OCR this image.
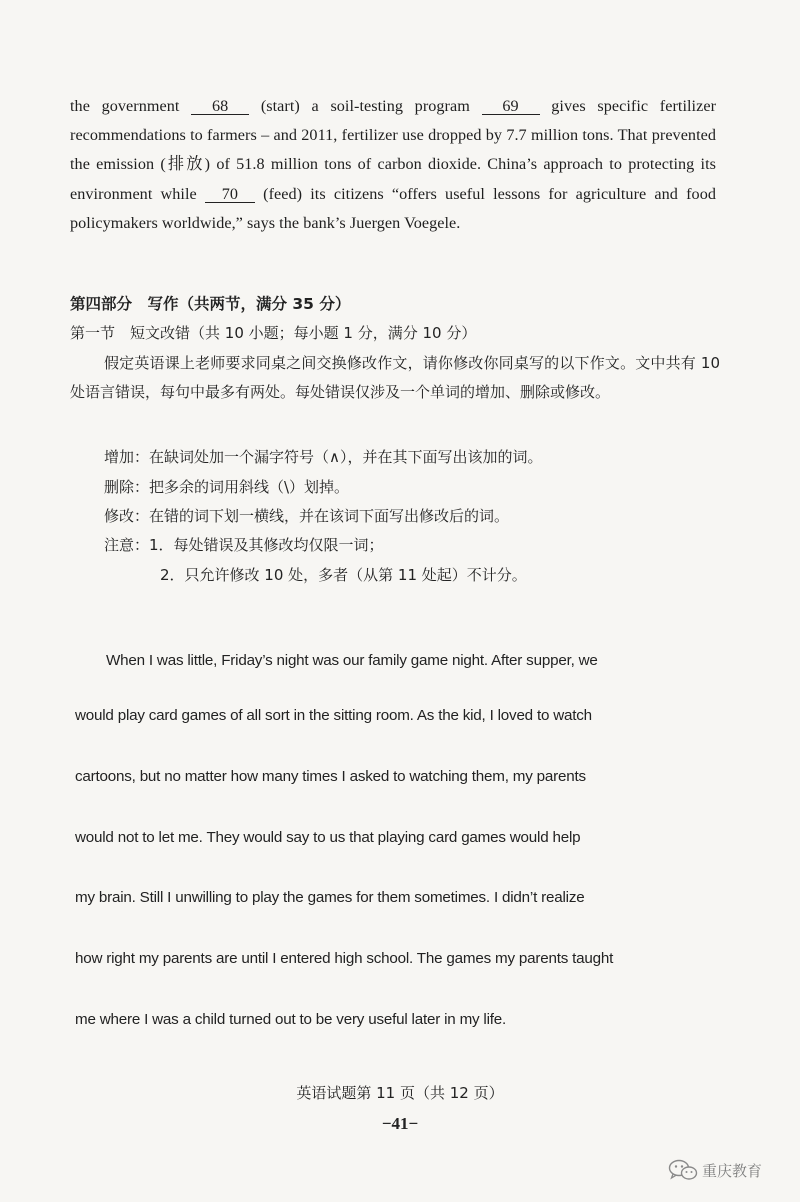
the government 68 (start) a soil-testing program 69 gives specific fertilizer recommendations to farmers – and 2011, fertilizer use dropped by 7.7 million tons. That prevented the emission (排放) of 51.8 million tons of carbon dioxide. China’s approach to protecting its environment while 70 (feed) its citizens “offers useful lessons for agriculture and food policymakers worldwide,” says the bank’s Juergen Voegele.
第四部分　写作（共两节，满分 35 分）
第一节　短文改错（共 10 小题；每小题 1 分，满分 10 分）
假定英语课上老师要求同桌之间交换修改作文，请你修改你同桌写的以下作文。文中共有 10 处语言错误，每句中最多有两处。每处错误仅涉及一个单词的增加、删除或修改。
增加：在缺词处加一个漏字符号（∧），并在其下面写出该加的词。
删除：把多余的词用斜线（\）划掉。
修改：在错的词下划一横线，并在该词下面写出修改后的词。
注意：1．每处错误及其修改均仅限一词；
2．只允许修改 10 处，多者（从第 11 处起）不计分。
When I was little, Friday’s night was our family game night. After supper, we
would play card games of all sort in the sitting room. As the kid, I loved to watch
cartoons, but no matter how many times I asked to watching them, my parents
would not to let me. They would say to us that playing card games would help
my brain. Still I unwilling to play the games for them sometimes. I didn’t realize
how right my parents are until I entered high school. The games my parents taught
me where I was a child turned out to be very useful later in my life.
英语试题第 11 页（共 12 页）
−41−
重庆教育
